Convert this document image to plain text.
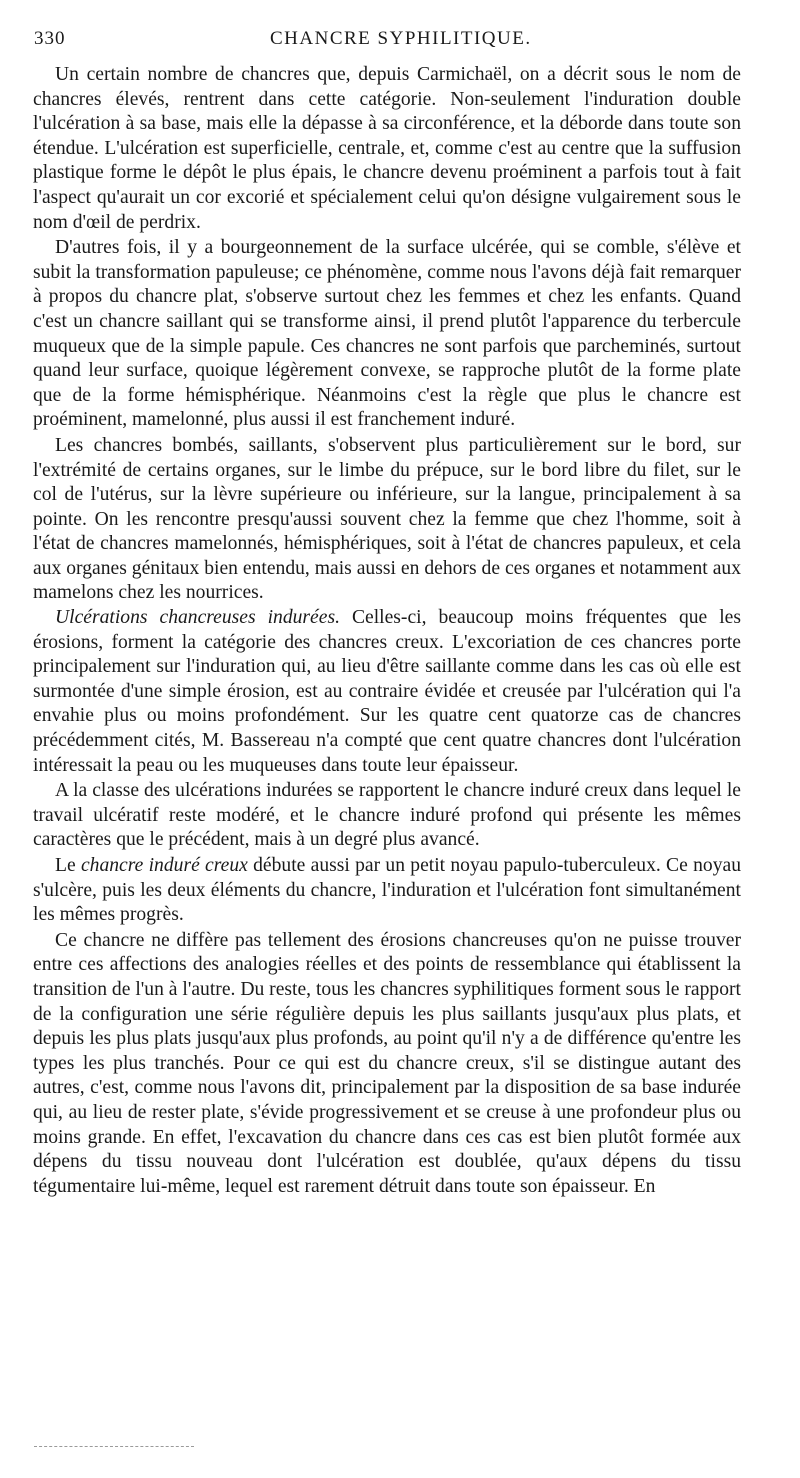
330	CHANCRE SYPHILITIQUE.

Un certain nombre de chancres que, depuis Carmichaël, on a décrit sous le nom de chancres élevés, rentrent dans cette catégorie. Non-seulement l'induration double l'ulcération à sa base, mais elle la dépasse à sa circonférence, et la déborde dans toute son étendue. L'ulcération est superficielle, centrale, et, comme c'est au centre que la suffusion plastique forme le dépôt le plus épais, le chancre devenu proéminent a parfois tout à fait l'aspect qu'aurait un cor excorié et spécialement celui qu'on désigne vulgairement sous le nom d'œil de perdrix.

D'autres fois, il y a bourgeonnement de la surface ulcérée, qui se comble, s'élève et subit la transformation papuleuse; ce phénomène, comme nous l'avons déjà fait remarquer à propos du chancre plat, s'observe surtout chez les femmes et chez les enfants. Quand c'est un chancre saillant qui se transforme ainsi, il prend plutôt l'apparence du terbercule muqueux que de la simple papule. Ces chancres ne sont parfois que parcheminés, surtout quand leur surface, quoique légèrement convexe, se rapproche plutôt de la forme plate que de la forme hémisphérique. Néanmoins c'est la règle que plus le chancre est proéminent, mamelonné, plus aussi il est franchement induré.

Les chancres bombés, saillants, s'observent plus particulièrement sur le bord, sur l'extrémité de certains organes, sur le limbe du prépuce, sur le bord libre du filet, sur le col de l'utérus, sur la lèvre supérieure ou inférieure, sur la langue, principalement à sa pointe. On les rencontre presqu'aussi souvent chez la femme que chez l'homme, soit à l'état de chancres mamelonnés, hémisphériques, soit à l'état de chancres papuleux, et cela aux organes génitaux bien entendu, mais aussi en dehors de ces organes et notamment aux mamelons chez les nourrices.

Ulcérations chancreuses indurées. Celles-ci, beaucoup moins fréquentes que les érosions, forment la catégorie des chancres creux. L'excoriation de ces chancres porte principalement sur l'induration qui, au lieu d'être saillante comme dans les cas où elle est surmontée d'une simple érosion, est au contraire évidée et creusée par l'ulcération qui l'a envahie plus ou moins profondément. Sur les quatre cent quatorze cas de chancres précédemment cités, M. Bassereau n'a compté que cent quatre chancres dont l'ulcération intéressait la peau ou les muqueuses dans toute leur épaisseur.

A la classe des ulcérations indurées se rapportent le chancre induré creux dans lequel le travail ulcératif reste modéré, et le chancre induré profond qui présente les mêmes caractères que le précédent, mais à un degré plus avancé.

Le chancre induré creux débute aussi par un petit noyau papulo-tuberculeux. Ce noyau s'ulcère, puis les deux éléments du chancre, l'induration et l'ulcération font simultanément les mêmes progrès.

Ce chancre ne diffère pas tellement des érosions chancreuses qu'on ne puisse trouver entre ces affections des analogies réelles et des points de ressemblance qui établissent la transition de l'un à l'autre. Du reste, tous les chancres syphilitiques forment sous le rapport de la configuration une série régulière depuis les plus saillants jusqu'aux plus plats, et depuis les plus plats jusqu'aux plus profonds, au point qu'il n'y a de différence qu'entre les types les plus tranchés. Pour ce qui est du chancre creux, s'il se distingue autant des autres, c'est, comme nous l'avons dit, principalement par la disposition de sa base indurée qui, au lieu de rester plate, s'évide progressivement et se creuse à une profondeur plus ou moins grande. En effet, l'excavation du chancre dans ces cas est bien plutôt formée aux dépens du tissu nouveau dont l'ulcération est doublée, qu'aux dépens du tissu tégumentaire lui-même, lequel est rarement détruit dans toute son épaisseur. En
